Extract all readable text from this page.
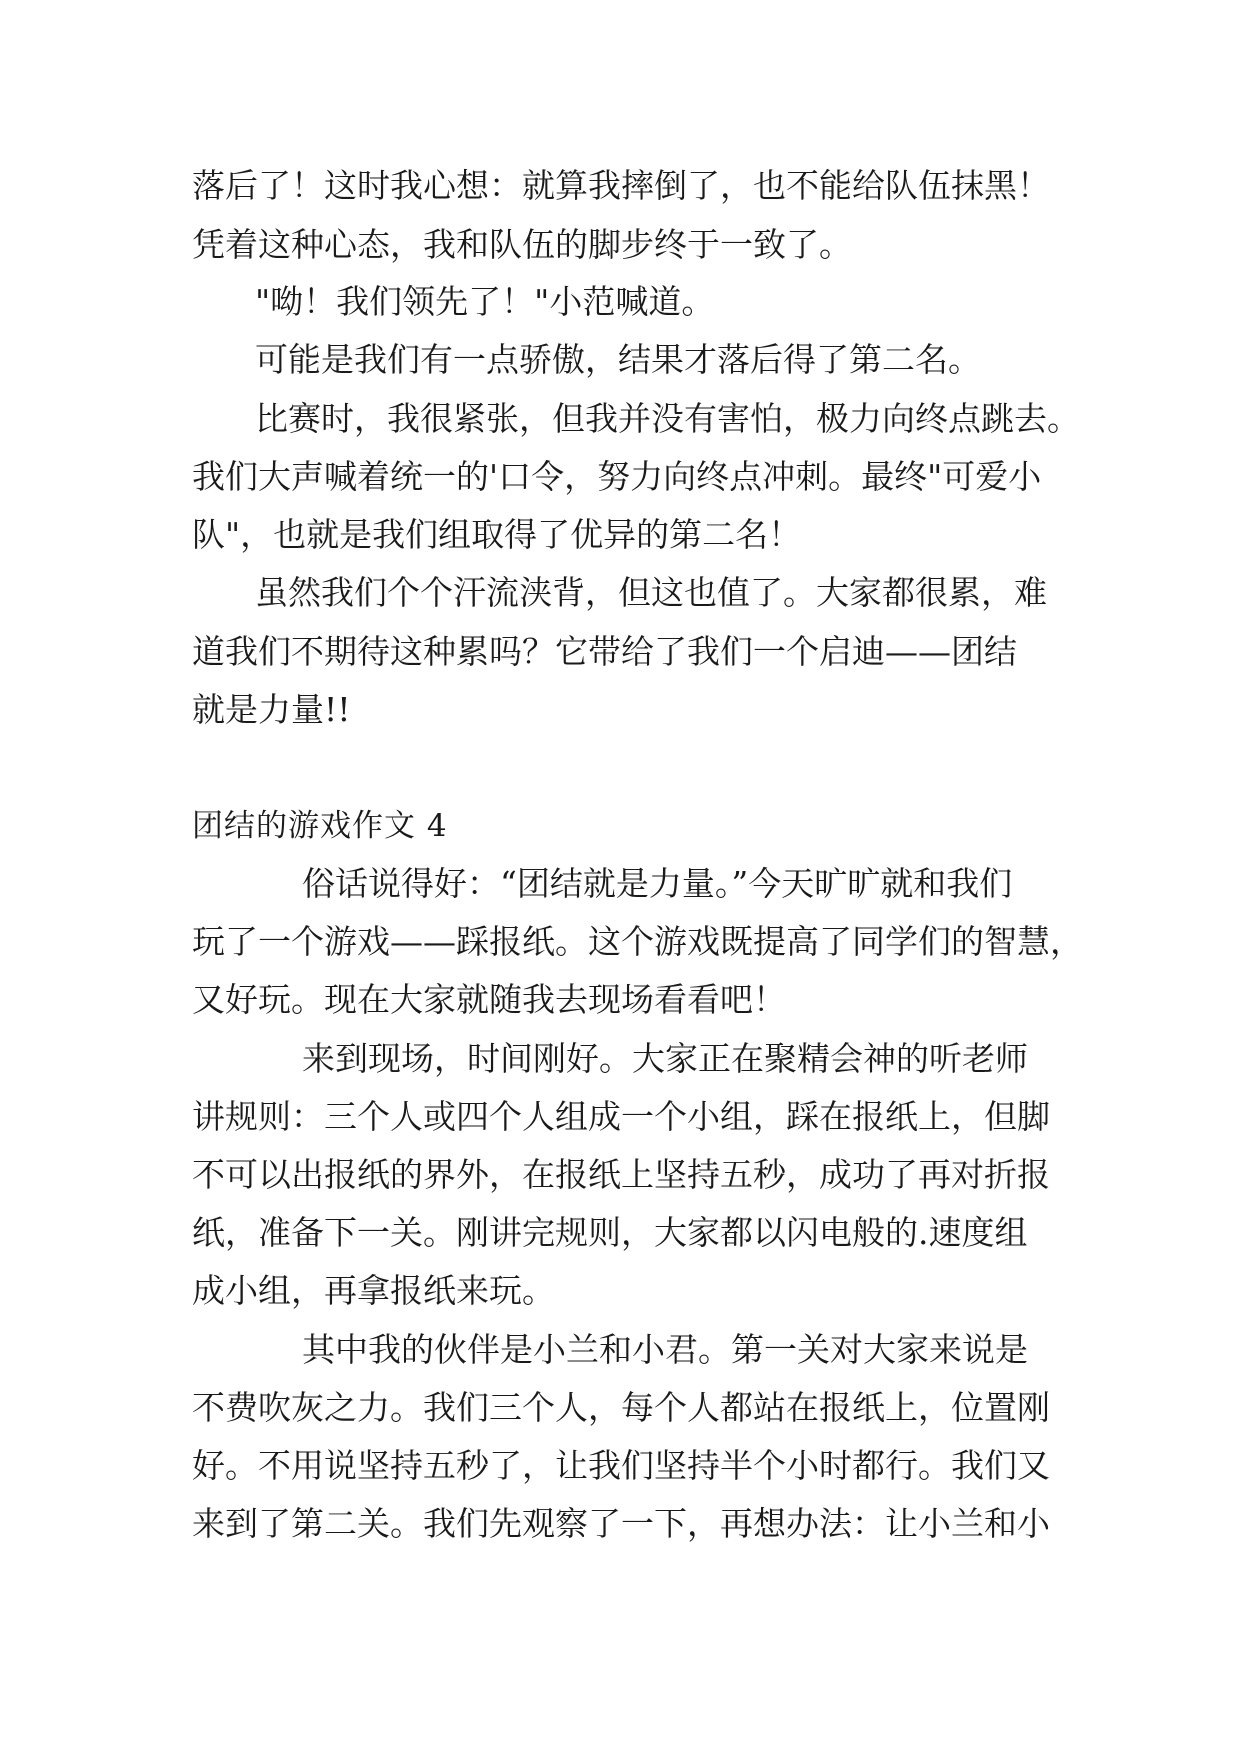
落后了！这时我心想：就算我摔倒了，也不能给队伍抹黑！
凭着这种心态，我和队伍的脚步终于一致了。
"呦！我们领先了！"小范喊道。
可能是我们有一点骄傲，结果才落后得了第二名。
比赛时，我很紧张，但我并没有害怕，极力向终点跳去。
我们大声喊着统一的'口令，努力向终点冲刺。最终"可爱小
队"，也就是我们组取得了优异的第二名！
虽然我们个个汗流浃背，但这也值了。大家都很累，难
道我们不期待这种累吗？它带给了我们一个启迪——团结
就是力量!!
团结的游戏作文 4
俗话说得好：“团结就是力量。”今天旷旷就和我们
玩了一个游戏——踩报纸。这个游戏既提高了同学们的智慧，
又好玩。现在大家就随我去现场看看吧！
来到现场，时间刚好。大家正在聚精会神的听老师
讲规则：三个人或四个人组成一个小组，踩在报纸上，但脚
不可以出报纸的界外，在报纸上坚持五秒，成功了再对折报
纸，准备下一关。刚讲完规则，大家都以闪电般的.速度组
成小组，再拿报纸来玩。
其中我的伙伴是小兰和小君。第一关对大家来说是
不费吹灰之力。我们三个人，每个人都站在报纸上，位置刚
好。不用说坚持五秒了，让我们坚持半个小时都行。我们又
来到了第二关。我们先观察了一下，再想办法：让小兰和小
